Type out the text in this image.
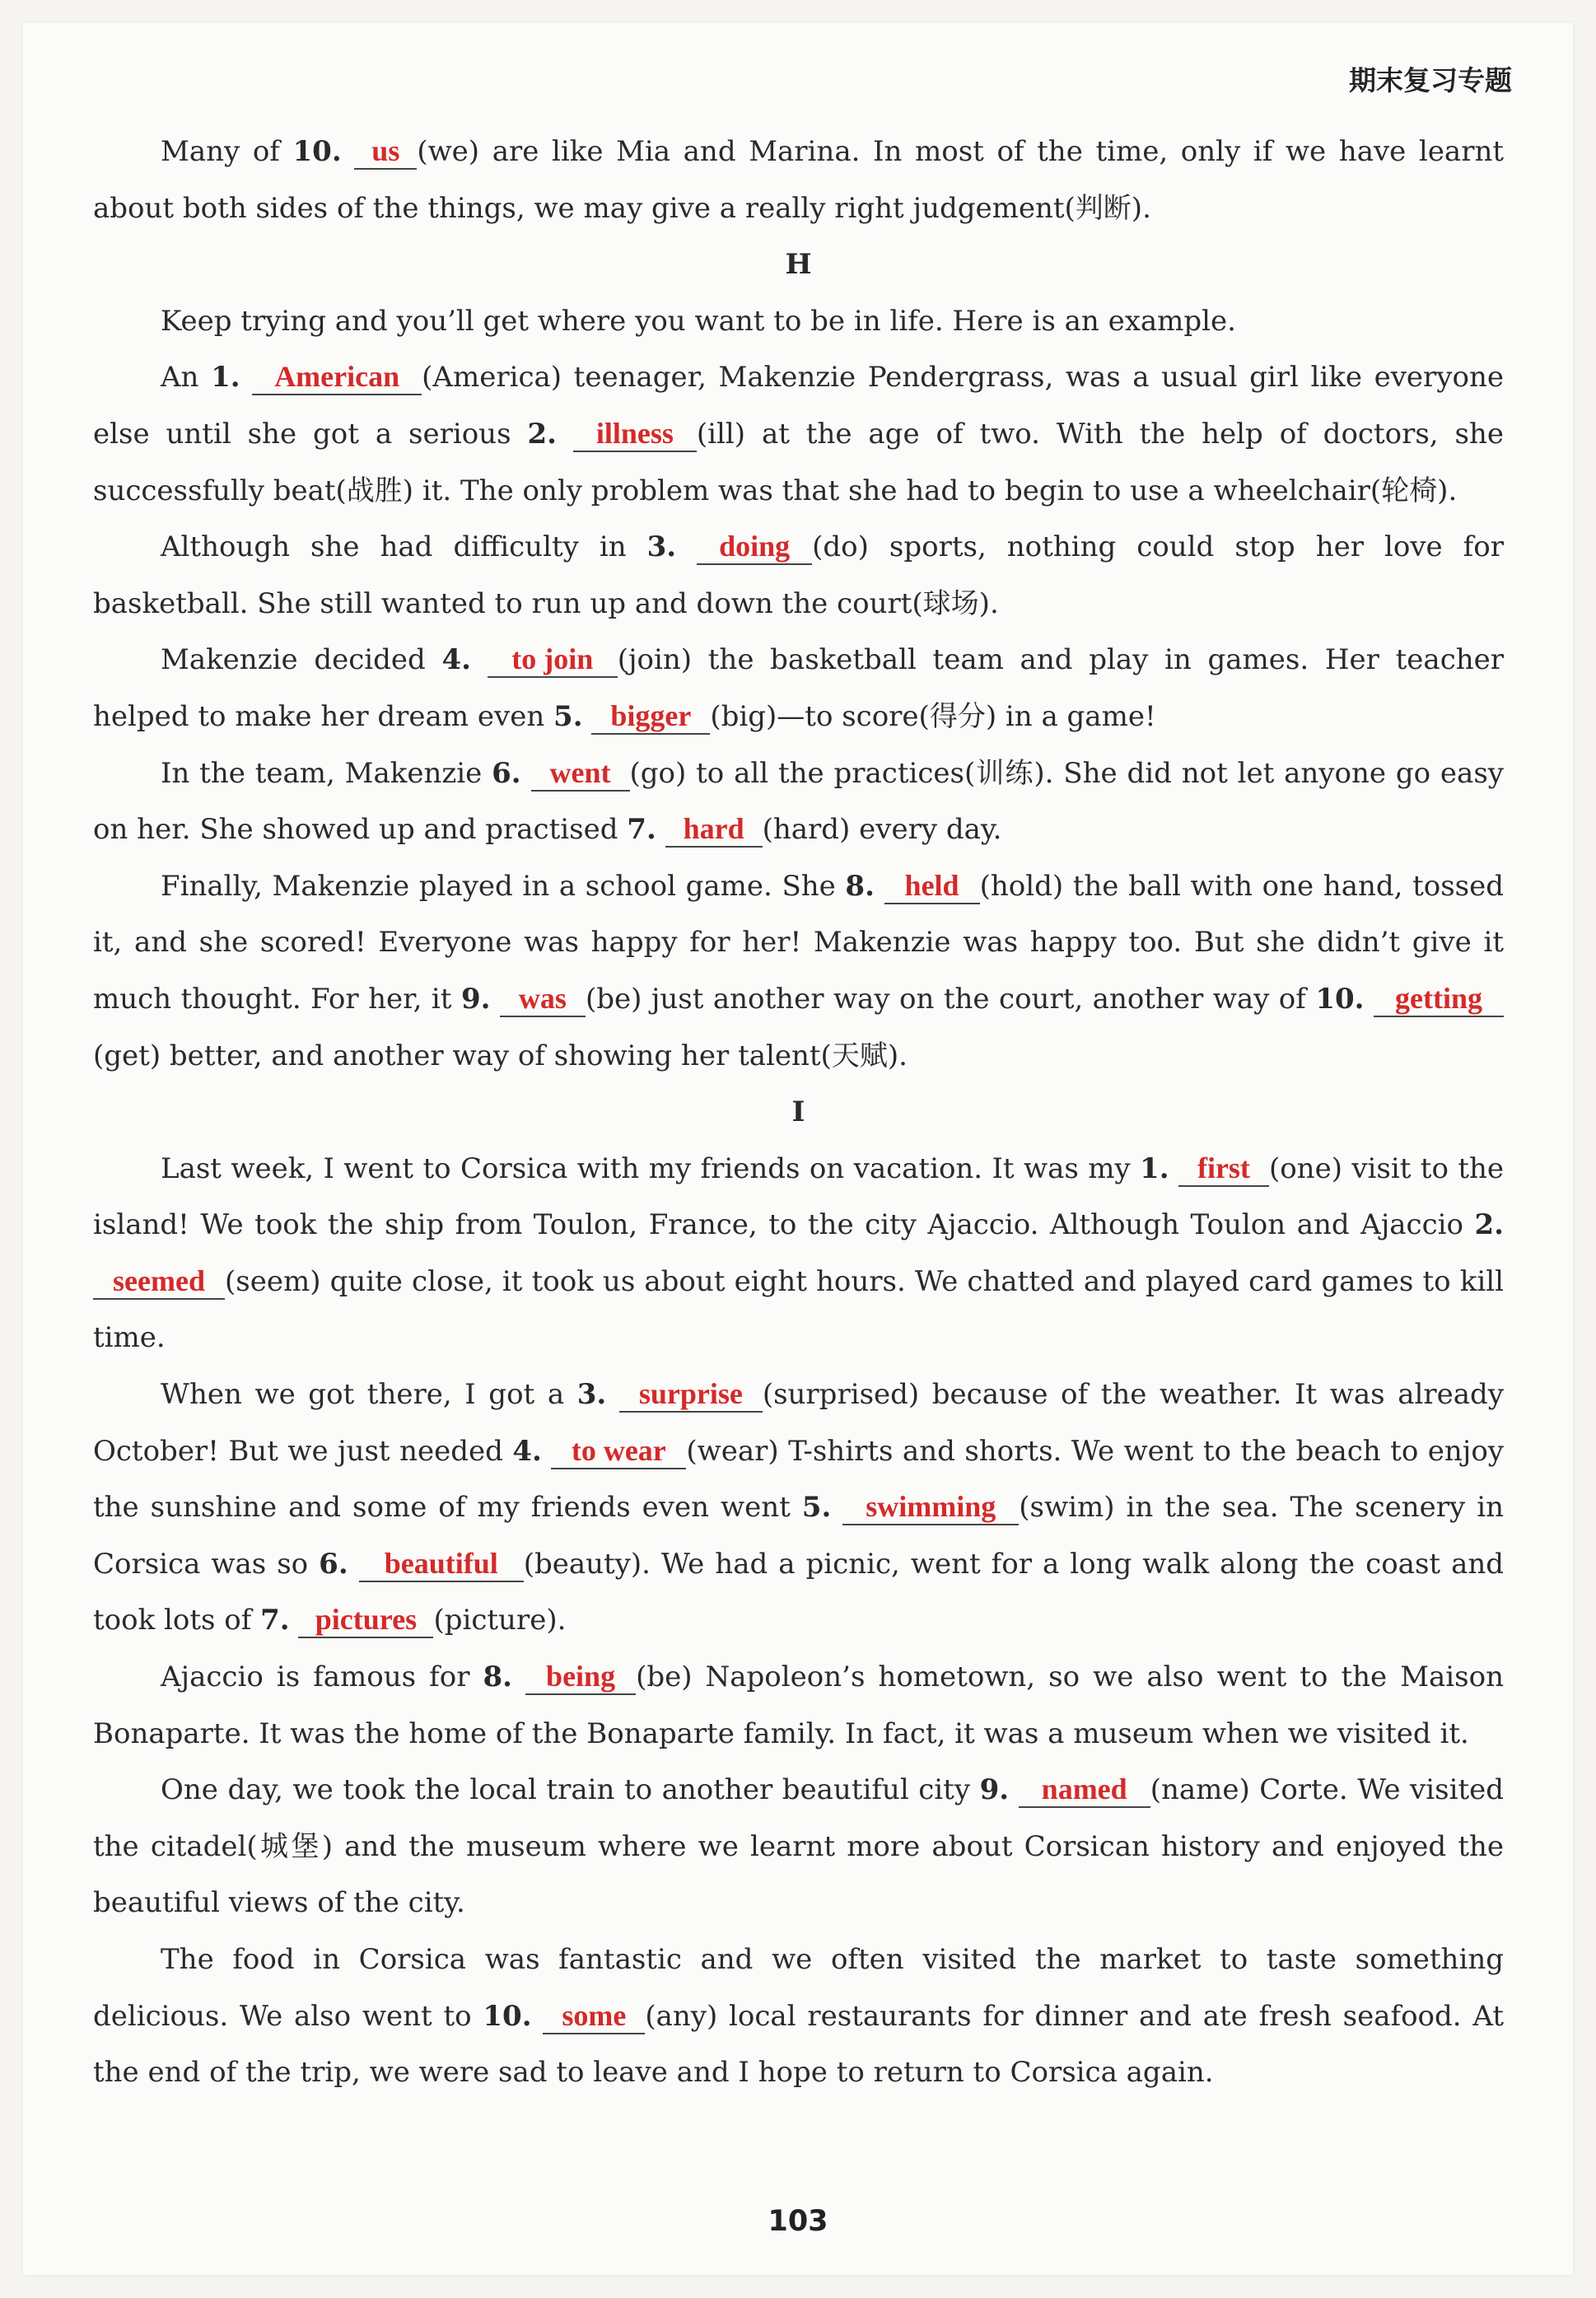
期末复习专题

Many of 10. us (we) are like Mia and Marina. In most of the time, only if we have learnt about both sides of the things, we may give a really right judgement(判断).

H

Keep trying and you’ll get where you want to be in life. Here is an example.

An 1. American (America) teenager, Makenzie Pendergrass, was a usual girl like everyone else until she got a serious 2. illness (ill) at the age of two. With the help of doctors, she successfully beat(战胜) it. The only problem was that she had to begin to use a wheelchair(轮椅).

Although she had difficulty in 3. doing (do) sports, nothing could stop her love for basketball. She still wanted to run up and down the court(球场).

Makenzie decided 4. to join (join) the basketball team and play in games. Her teacher helped to make her dream even 5. bigger (big)—to score(得分) in a game!

In the team, Makenzie 6. went (go) to all the practices(训练). She did not let anyone go easy on her. She showed up and practised 7. hard (hard) every day.

Finally, Makenzie played in a school game. She 8. held (hold) the ball with one hand, tossed it, and she scored! Everyone was happy for her! Makenzie was happy too. But she didn’t give it much thought. For her, it 9. was (be) just another way on the court, another way of 10. getting(get) better, and another way of showing her talent(天赋).

I

Last week, I went to Corsica with my friends on vacation. It was my 1. first (one) visit to the island! We took the ship from Toulon, France, to the city Ajaccio. Although Toulon and Ajaccio 2. seemed (seem) quite close, it took us about eight hours. We chatted and played card games to kill time.

When we got there, I got a 3. surprise (surprised) because of the weather. It was already October! But we just needed 4. to wear (wear) T-shirts and shorts. We went to the beach to enjoy the sunshine and some of my friends even went 5. swimming (swim) in the sea. The scenery in Corsica was so 6. beautiful (beauty). We had a picnic, went for a long walk along the coast and took lots of 7. pictures (picture).

Ajaccio is famous for 8. being (be) Napoleon’s hometown, so we also went to the Maison Bonaparte. It was the home of the Bonaparte family. In fact, it was a museum when we visited it.

One day, we took the local train to another beautiful city 9. named (name) Corte. We visited the citadel(城堡) and the museum where we learnt more about Corsican history and enjoyed the beautiful views of the city.

The food in Corsica was fantastic and we often visited the market to taste something delicious. We also went to 10. some (any) local restaurants for dinner and ate fresh seafood. At the end of the trip, we were sad to leave and I hope to return to Corsica again.

103
